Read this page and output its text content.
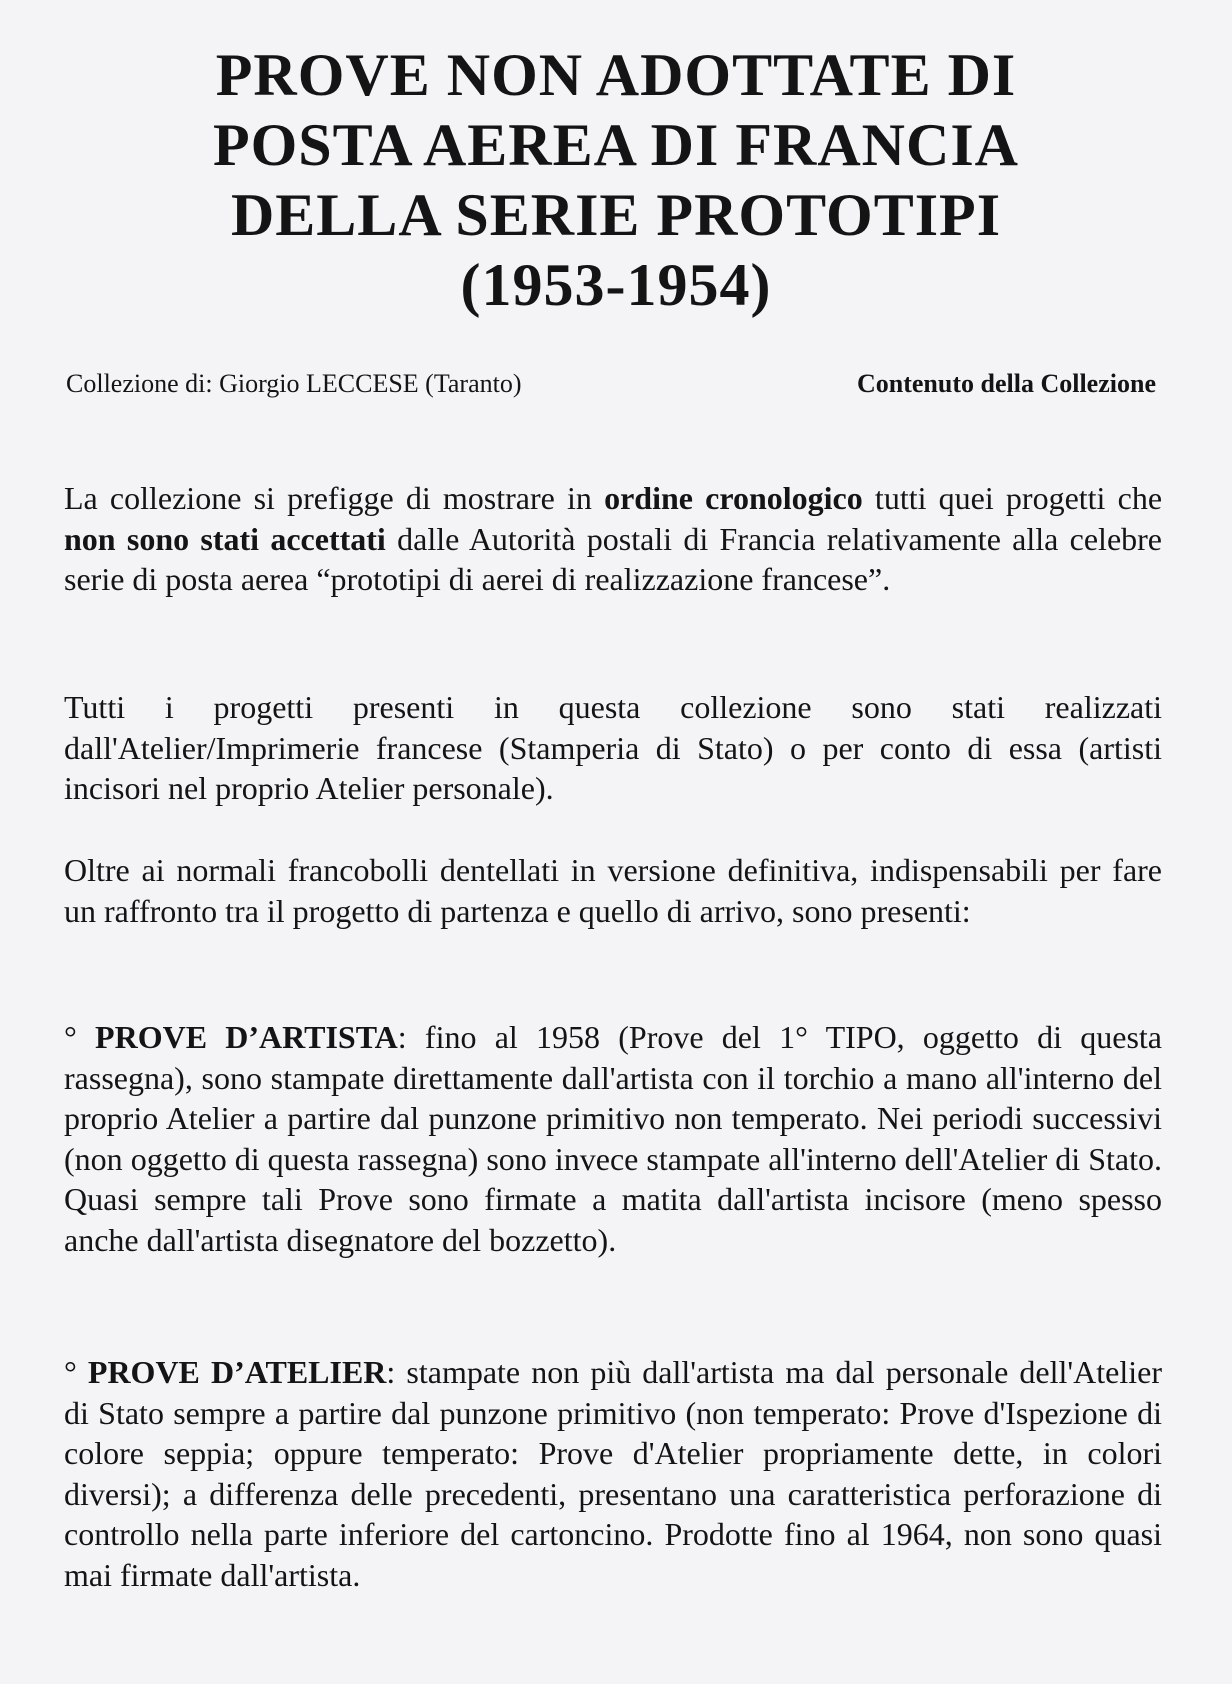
PROVE NON ADOTTATE DI
POSTA AEREA DI FRANCIA
DELLA SERIE PROTOTIPI
(1953-1954)
Collezione di: Giorgio LECCESE (Taranto)	Contenuto della Collezione

La collezione si prefigge di mostrare in ordine cronologico tutti quei progetti che non sono stati accettati dalle Autorità postali di Francia relativamente alla celebre serie di posta aerea “prototipi di aerei di realizzazione francese”.

Tutti i progetti presenti in questa collezione sono stati realizzati dall'Atelier/Imprimerie francese (Stamperia di Stato) o per conto di essa (artisti incisori nel proprio Atelier personale).

Oltre ai normali francobolli dentellati in versione definitiva, indispensabili per fare un raffronto tra il progetto di partenza e quello di arrivo, sono presenti:

° PROVE D’ARTISTA: fino al 1958 (Prove del 1° TIPO, oggetto di questa rassegna), sono stampate direttamente dall'artista con il torchio a mano all'interno del proprio Atelier a partire dal punzone primitivo non temperato. Nei periodi successivi (non oggetto di questa rassegna) sono invece stampate all'interno dell'Atelier di Stato. Quasi sempre tali Prove sono firmate a matita dall'artista incisore (meno spesso anche dall'artista disegnatore del bozzetto).

° PROVE D’ATELIER: stampate non più dall'artista ma dal personale dell'Atelier di Stato sempre a partire dal punzone primitivo (non temperato: Prove d'Ispezione di colore seppia; oppure temperato: Prove d'Atelier propriamente dette, in colori diversi); a differenza delle precedenti, presentano una caratteristica perforazione di controllo nella parte inferiore del cartoncino. Prodotte fino al 1964, non sono quasi mai firmate dall'artista.
